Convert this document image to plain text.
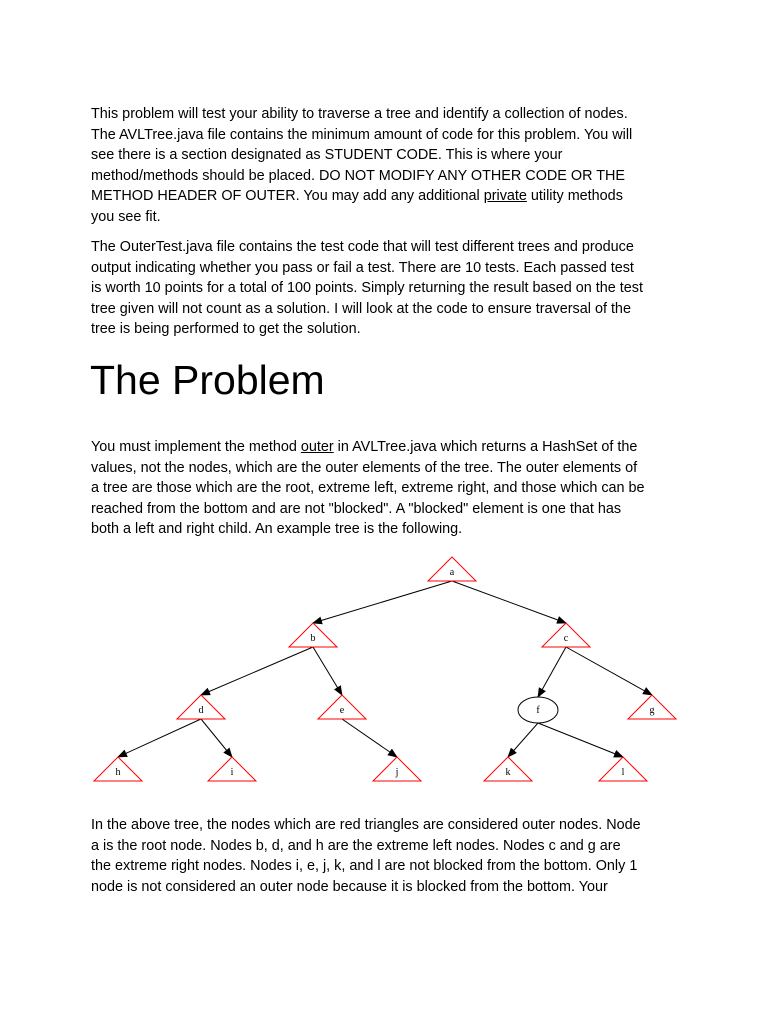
This problem will test your ability to traverse a tree and identify a collection of nodes.
The AVLTree.java file contains the minimum amount of code for this problem. You will
see there is a section designated as STUDENT CODE. This is where your
method/methods should be placed. DO NOT MODIFY ANY OTHER CODE OR THE
METHOD HEADER OF OUTER. You may add any additional private utility methods
you see fit.
The OuterTest.java file contains the test code that will test different trees and produce
output indicating whether you pass or fail a test. There are 10 tests. Each passed test
is worth 10 points for a total of 100 points. Simply returning the result based on the test
tree given will not count as a solution. I will look at the code to ensure traversal of the
tree is being performed to get the solution.
The Problem
You must implement the method outer in AVLTree.java which returns a HashSet of the
values, not the nodes, which are the outer elements of the tree. The outer elements of
a tree are those which are the root, extreme left, extreme right, and those which can be
reached from the bottom and are not "blocked". A "blocked" element is one that has
both a left and right child. An example tree is the following.
a
b	c
d	e	f	g
h	i	j	k	l
In the above tree, the nodes which are red triangles are considered outer nodes. Node
a is the root node. Nodes b, d, and h are the extreme left nodes. Nodes c and g are
the extreme right nodes. Nodes i, e, j, k, and l are not blocked from the bottom. Only 1
node is not considered an outer node because it is blocked from the bottom. Your
